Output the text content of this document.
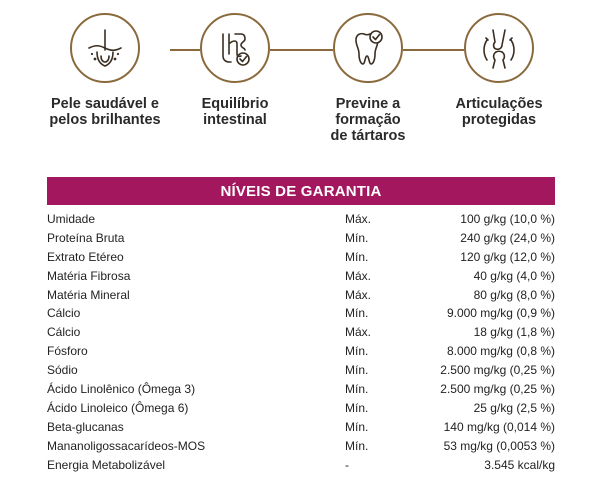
Pele saudável e
pelos brilhantes
Equilíbrio
intestinal
Previne a
formação
de tártaros
Articulações
protegidas
NÍVEIS DE GARANTIA
Umidade	Máx.	100 g/kg (10,0 %)
Proteína Bruta	Mín.	240 g/kg (24,0 %)
Extrato Etéreo	Mín.	120 g/kg (12,0 %)
Matéria Fibrosa	Máx.	40 g/kg (4,0 %)
Matéria Mineral	Máx.	80 g/kg (8,0 %)
Cálcio	Mín.	9.000 mg/kg (0,9 %)
Cálcio	Máx.	18 g/kg (1,8 %)
Fósforo	Mín.	8.000 mg/kg (0,8 %)
Sódio	Mín.	2.500 mg/kg (0,25 %)
Ácido Linolênico (Ômega 3)	Mín.	2.500 mg/kg (0,25 %)
Ácido Linoleico (Ômega 6)	Mín.	25 g/kg (2,5 %)
Beta-glucanas	Mín.	140 mg/kg (0,014 %)
Mananoligossacarídeos-MOS	Mín.	53 mg/kg (0,0053 %)
Energia Metabolizável	-	3.545 kcal/kg
